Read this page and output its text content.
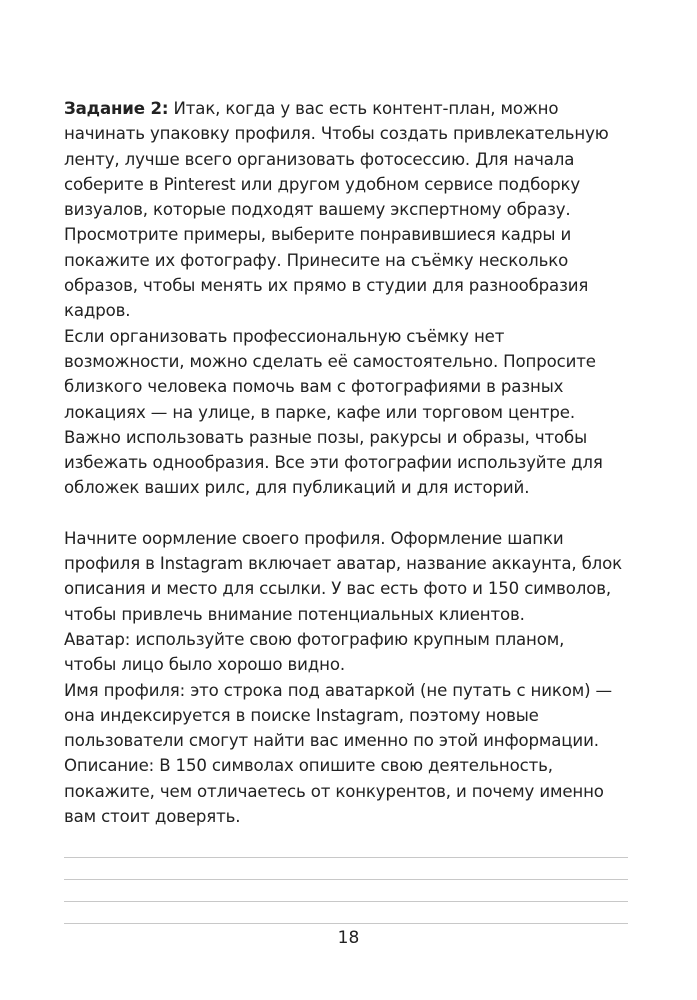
Задание 2: Итак, когда у вас есть контент-план, можно
начинать упаковку профиля. Чтобы создать привлекательную
ленту, лучше всего организовать фотосессию. Для начала
соберите в Pinterest или другом удобном сервисе подборку
визуалов, которые подходят вашему экспертному образу.
Просмотрите примеры, выберите понравившиеся кадры и
покажите их фотографу. Принесите на съёмку несколько
образов, чтобы менять их прямо в студии для разнообразия
кадров.

Если организовать профессиональную съёмку нет
возможности, можно сделать её самостоятельно. Попросите
близкого человека помочь вам с фотографиями в разных
локациях — на улице, в парке, кафе или торговом центре.
Важно использовать разные позы, ракурсы и образы, чтобы
избежать однообразия. Все эти фотографии используйте для
обложек ваших рилс, для публикаций и для историй.

Начните оормление своего профиля. Оформление шапки
профиля в Instagram включает аватар, название аккаунта, блок
описания и место для ссылки. У вас есть фото и 150 символов,
чтобы привлечь внимание потенциальных клиентов.
Аватар: используйте свою фотографию крупным планом,
чтобы лицо было хорошо видно.
Имя профиля: это строка под аватаркой (не путать с ником) —
она индексируется в поиске Instagram, поэтому новые
пользователи смогут найти вас именно по этой информации.
Описание: В 150 символах опишите свою деятельность,
покажите, чем отличаетесь от конкурентов, и почему именно
вам стоит доверять.

18
